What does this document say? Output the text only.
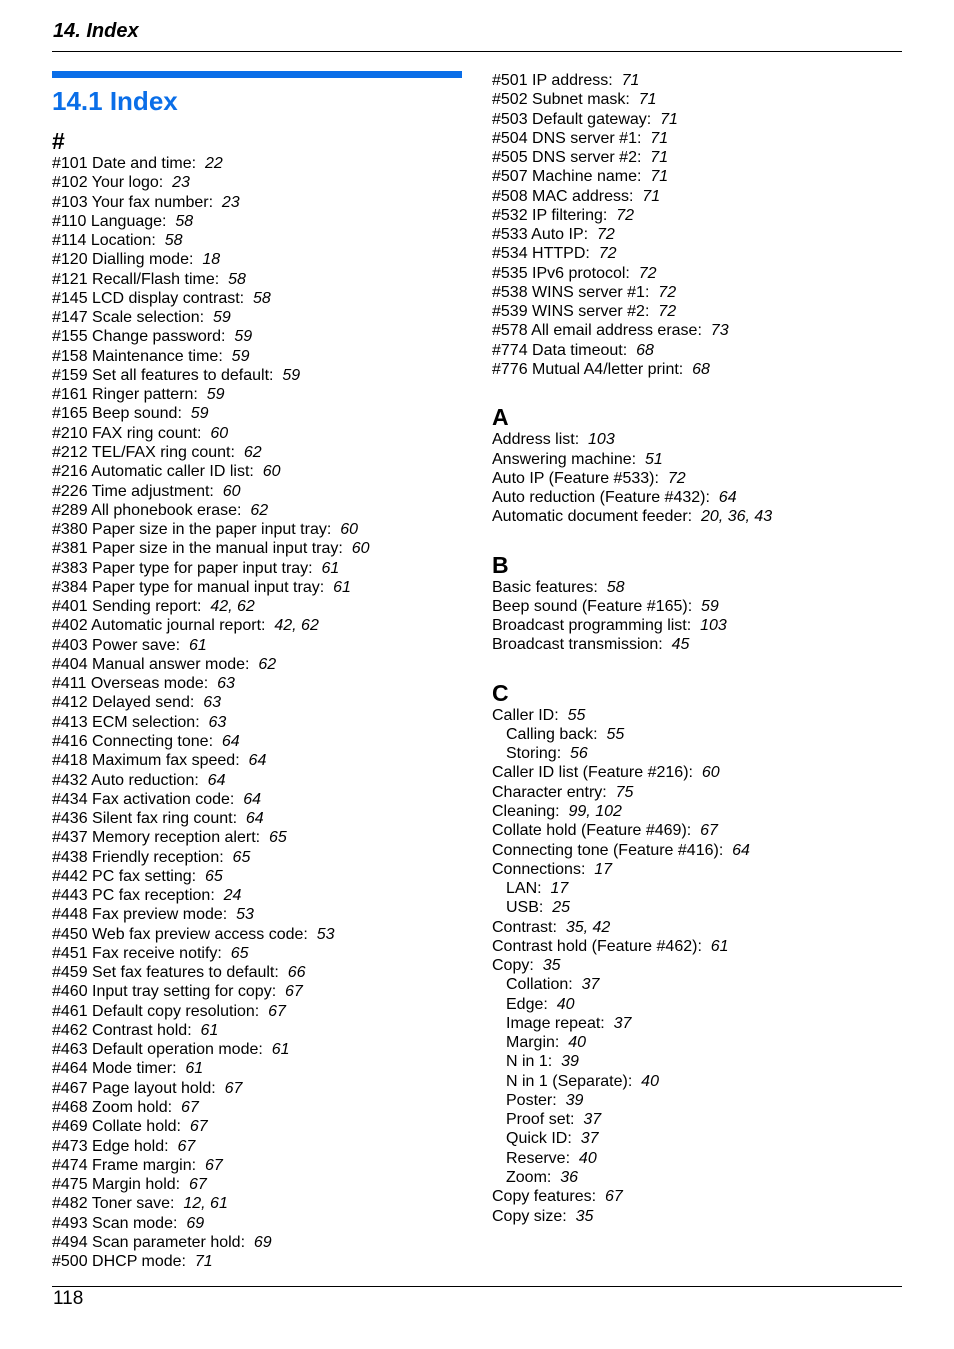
14. Index
14.1 Index
#
#101 Date and time: 22
#102 Your logo: 23
#103 Your fax number: 23
#110 Language: 58
#114 Location: 58
#120 Dialling mode: 18
#121 Recall/Flash time: 58
#145 LCD display contrast: 58
#147 Scale selection: 59
#155 Change password: 59
#158 Maintenance time: 59
#159 Set all features to default: 59
#161 Ringer pattern: 59
#165 Beep sound: 59
#210 FAX ring count: 60
#212 TEL/FAX ring count: 62
#216 Automatic caller ID list: 60
#226 Time adjustment: 60
#289 All phonebook erase: 62
#380 Paper size in the paper input tray: 60
#381 Paper size in the manual input tray: 60
#383 Paper type for paper input tray: 61
#384 Paper type for manual input tray: 61
#401 Sending report: 42, 62
#402 Automatic journal report: 42, 62
#403 Power save: 61
#404 Manual answer mode: 62
#411 Overseas mode: 63
#412 Delayed send: 63
#413 ECM selection: 63
#416 Connecting tone: 64
#418 Maximum fax speed: 64
#432 Auto reduction: 64
#434 Fax activation code: 64
#436 Silent fax ring count: 64
#437 Memory reception alert: 65
#438 Friendly reception: 65
#442 PC fax setting: 65
#443 PC fax reception: 24
#448 Fax preview mode: 53
#450 Web fax preview access code: 53
#451 Fax receive notify: 65
#459 Set fax features to default: 66
#460 Input tray setting for copy: 67
#461 Default copy resolution: 67
#462 Contrast hold: 61
#463 Default operation mode: 61
#464 Mode timer: 61
#467 Page layout hold: 67
#468 Zoom hold: 67
#469 Collate hold: 67
#473 Edge hold: 67
#474 Frame margin: 67
#475 Margin hold: 67
#482 Toner save: 12, 61
#493 Scan mode: 69
#494 Scan parameter hold: 69
#500 DHCP mode: 71
#501 IP address: 71
#502 Subnet mask: 71
#503 Default gateway: 71
#504 DNS server #1: 71
#505 DNS server #2: 71
#507 Machine name: 71
#508 MAC address: 71
#532 IP filtering: 72
#533 Auto IP: 72
#534 HTTPD: 72
#535 IPv6 protocol: 72
#538 WINS server #1: 72
#539 WINS server #2: 72
#578 All email address erase: 73
#774 Data timeout: 68
#776 Mutual A4/letter print: 68
A
Address list: 103
Answering machine: 51
Auto IP (Feature #533): 72
Auto reduction (Feature #432): 64
Automatic document feeder: 20, 36, 43
B
Basic features: 58
Beep sound (Feature #165): 59
Broadcast programming list: 103
Broadcast transmission: 45
C
Caller ID: 55
Calling back: 55
Storing: 56
Caller ID list (Feature #216): 60
Character entry: 75
Cleaning: 99, 102
Collate hold (Feature #469): 67
Connecting tone (Feature #416): 64
Connections: 17
LAN: 17
USB: 25
Contrast: 35, 42
Contrast hold (Feature #462): 61
Copy: 35
Collation: 37
Edge: 40
Image repeat: 37
Margin: 40
N in 1: 39
N in 1 (Separate): 40
Poster: 39
Proof set: 37
Quick ID: 37
Reserve: 40
Zoom: 36
Copy features: 67
Copy size: 35
118
